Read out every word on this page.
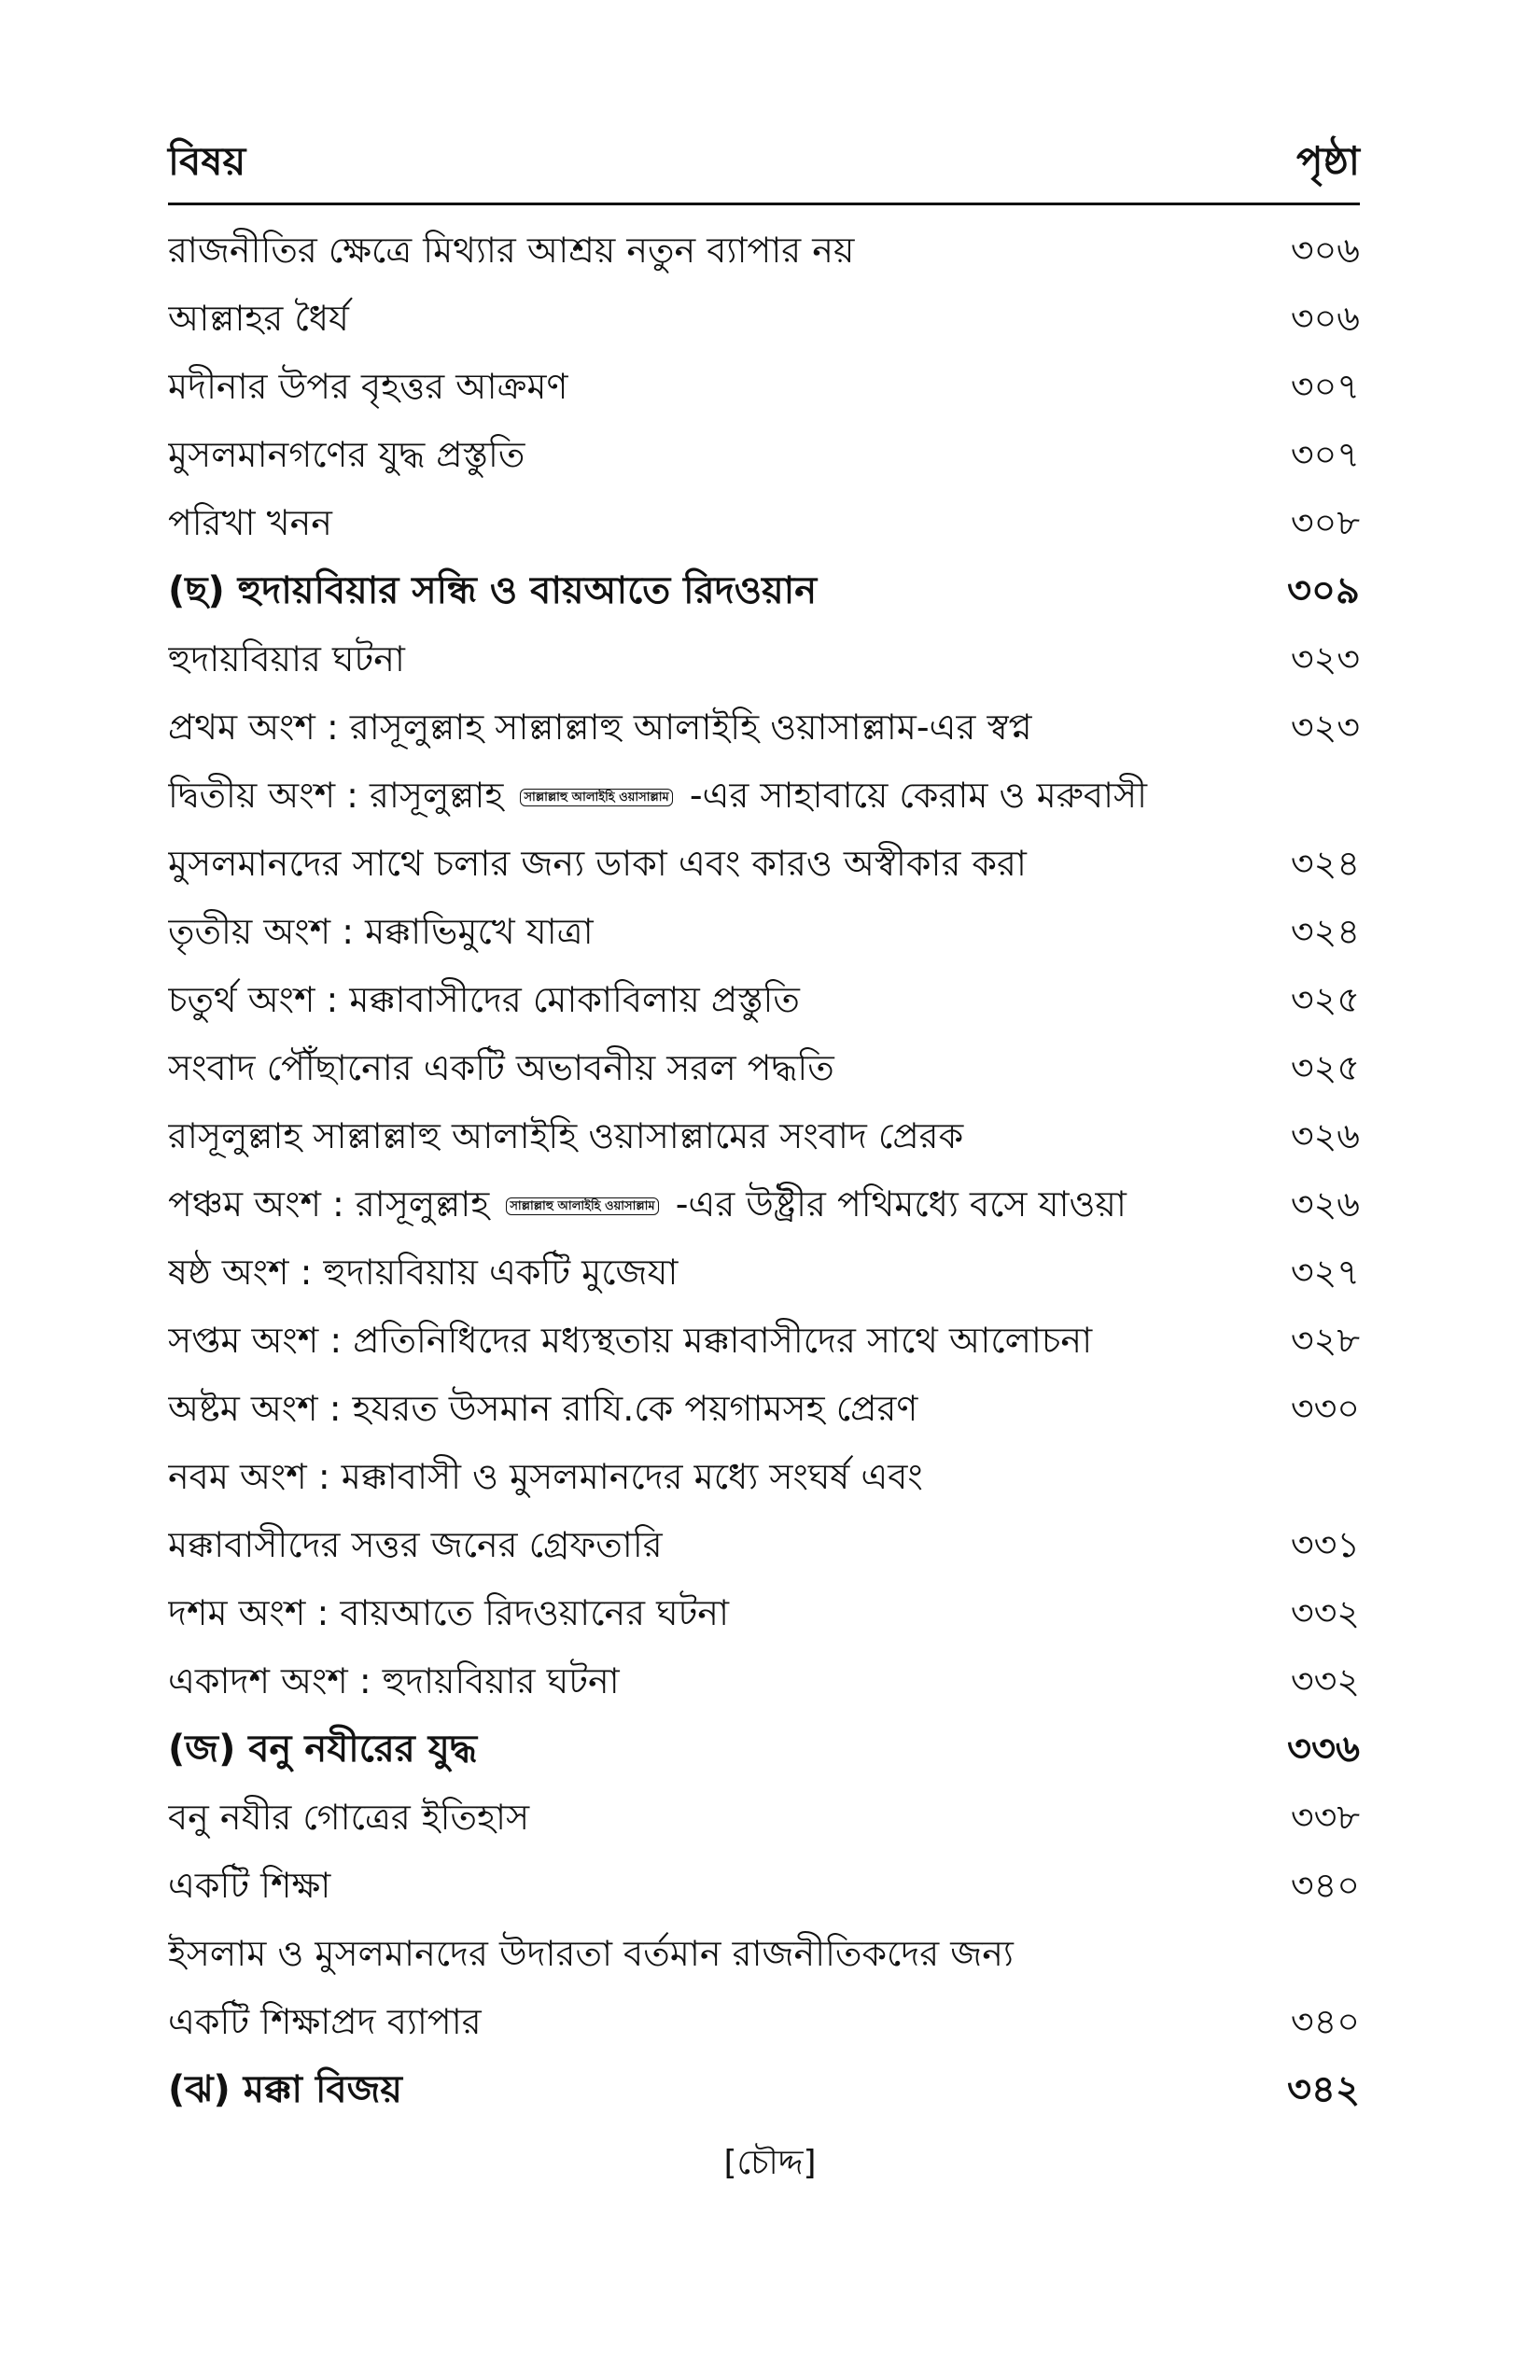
বিষয়	পৃষ্ঠা
রাজনীতির ক্ষেত্রে মিথ্যার আশ্রয় নতুন ব্যাপার নয়	৩০৬
আল্লাহর ধৈর্য	৩০৬
মদীনার উপর বৃহত্তর আক্রমণ	৩০৭
মুসলমানগণের যুদ্ধ প্রস্তুতি	৩০৭
পরিখা খনন	৩০৮
(ছ) হুদায়বিয়ার সন্ধি ও বায়আতে রিদওয়ান	৩০৯
হুদায়বিয়ার ঘটনা	৩২৩
প্রথম অংশ : রাসূলুল্লাহ সাল্লাল্লাহু আলাইহি ওয়াসাল্লাম-এর স্বপ্ন	৩২৩
দ্বিতীয় অংশ : রাসূলুল্লাহ সাল্লাল্লাহু আলাইহি ওয়াসাল্লাম -এর সাহাবায়ে কেরাম ও মরুবাসী
মুসলমানদের সাথে চলার জন্য ডাকা এবং কারও অস্বীকার করা	৩২৪
তৃতীয় অংশ : মক্কাভিমুখে যাত্রা	৩২৪
চতুর্থ অংশ : মক্কাবাসীদের মোকাবিলায় প্রস্তুতি	৩২৫
সংবাদ পৌঁছানোর একটি অভাবনীয় সরল পদ্ধতি	৩২৫
রাসূলুল্লাহ সাল্লাল্লাহু আলাইহি ওয়াসাল্লামের সংবাদ প্রেরক	৩২৬
পঞ্চম অংশ : রাসূলুল্লাহ সাল্লাল্লাহু আলাইহি ওয়াসাল্লাম -এর উষ্ট্রীর পথিমধ্যে বসে যাওয়া	৩২৬
ষষ্ঠ অংশ : হুদায়বিয়ায় একটি মুজেযা	৩২৭
সপ্তম অংশ : প্রতিনিধিদের মধ্যস্থতায় মক্কাবাসীদের সাথে আলোচনা	৩২৮
অষ্টম অংশ : হযরত উসমান রাযি.কে পয়গামসহ প্রেরণ	৩৩০
নবম অংশ : মক্কাবাসী ও মুসলমানদের মধ্যে সংঘর্ষ এবং
মক্কাবাসীদের সত্তর জনের গ্রেফতারি	৩৩১
দশম অংশ : বায়আতে রিদওয়ানের ঘটনা	৩৩২
একাদশ অংশ : হুদায়বিয়ার ঘটনা	৩৩২
(জ) বনু নযীরের যুদ্ধ	৩৩৬
বনু নযীর গোত্রের ইতিহাস	৩৩৮
একটি শিক্ষা	৩৪০
ইসলাম ও মুসলমানদের উদারতা বর্তমান রাজনীতিকদের জন্য
একটি শিক্ষাপ্রদ ব্যাপার	৩৪০
(ঝ) মক্কা বিজয়	৩৪২
[চৌদ্দ]
